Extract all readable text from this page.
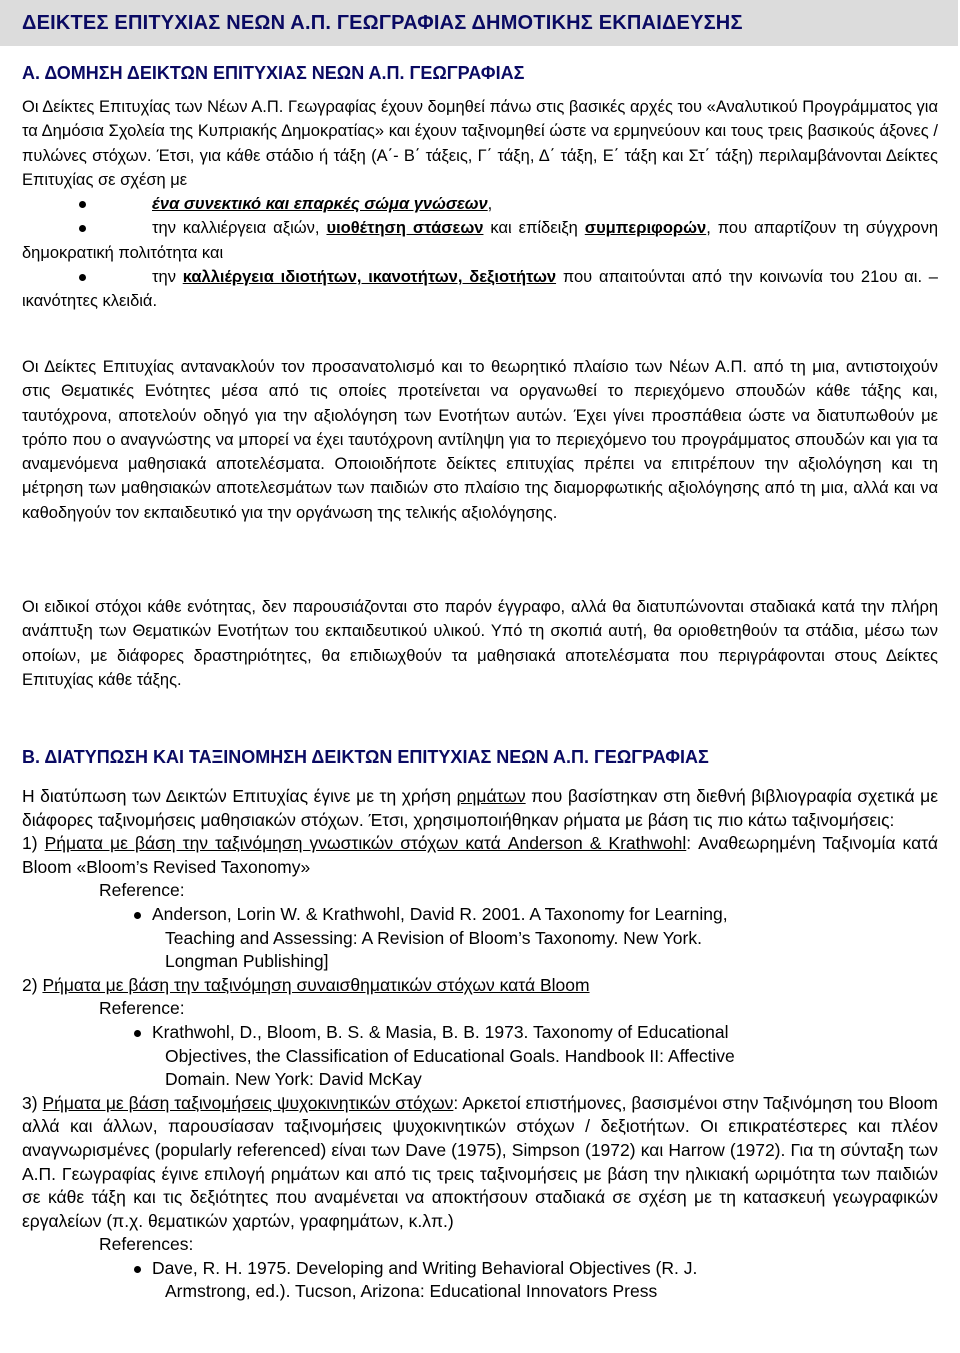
ΔΕΙΚΤΕΣ ΕΠΙΤΥΧΙΑΣ ΝΕΩΝ Α.Π. ΓΕΩΓΡΑΦΙΑΣ ΔΗΜΟΤΙΚΗΣ ΕΚΠΑΙΔΕΥΣΗΣ
Α. ΔΟΜΗΣΗ ΔΕΙΚΤΩΝ ΕΠΙΤΥΧΙΑΣ ΝΕΩΝ Α.Π. ΓΕΩΓΡΑΦΙΑΣ

Οι Δείκτες Επιτυχίας των Νέων Α.Π. Γεωγραφίας έχουν δομηθεί πάνω στις βασικές αρχές του «Αναλυτικού Προγράμματος για τα Δημόσια Σχολεία της Κυπριακής Δημοκρατίας» και έχουν ταξινομηθεί ώστε να ερμηνεύουν και τους τρεις βασικούς άξονες / πυλώνες στόχων. Έτσι, για κάθε στάδιο ή τάξη (Α΄- Β΄ τάξεις, Γ΄ τάξη, Δ΄ τάξη, Ε΄ τάξη και Στ΄ τάξη) περιλαμβάνονται Δείκτες Επιτυχίας σε σχέση με

ένα συνεκτικό και επαρκές σώμα γνώσεων,
την καλλιέργεια αξιών, υιοθέτηση στάσεων και επίδειξη συμπεριφορών, που απαρτίζουν τη σύγχρονη δημοκρατική πολιτότητα και
την καλλιέργεια ιδιοτήτων, ικανοτήτων, δεξιοτήτων που απαιτούνται από την κοινωνία του 21ου αι. – ικανότητες κλειδιά.

Οι Δείκτες Επιτυχίας αντανακλούν τον προσανατολισμό και το θεωρητικό πλαίσιο των Νέων Α.Π. από τη μια, αντιστοιχούν στις Θεματικές Ενότητες μέσα από τις οποίες προτείνεται να οργανωθεί το περιεχόμενο σπουδών κάθε τάξης και, ταυτόχρονα, αποτελούν οδηγό για την αξιολόγηση των Ενοτήτων αυτών. Έχει γίνει προσπάθεια ώστε να διατυπωθούν με τρόπο που ο αναγνώστης να μπορεί να έχει ταυτόχρονη αντίληψη για το περιεχόμενο του προγράμματος σπουδών και για τα αναμενόμενα μαθησιακά αποτελέσματα. Οποιοιδήποτε δείκτες επιτυχίας πρέπει να επιτρέπουν την αξιολόγηση και τη μέτρηση των μαθησιακών αποτελεσμάτων των παιδιών στο πλαίσιο της διαμορφωτικής αξιολόγησης από τη μια, αλλά και να καθοδηγούν τον εκπαιδευτικό για την οργάνωση της τελικής αξιολόγησης.

Οι ειδικοί στόχοι κάθε ενότητας, δεν παρουσιάζονται στο παρόν έγγραφο, αλλά θα διατυπώνονται σταδιακά κατά την πλήρη ανάπτυξη των Θεματικών Ενοτήτων του εκπαιδευτικού υλικού. Υπό τη σκοπιά αυτή, θα οριοθετηθούν τα στάδια, μέσω των οποίων, με διάφορες δραστηριότητες, θα επιδιωχθούν τα μαθησιακά αποτελέσματα που περιγράφονται στους Δείκτες Επιτυχίας κάθε τάξης.

Β. ΔΙΑΤΥΠΩΣΗ ΚΑΙ ΤΑΞΙΝΟΜΗΣΗ ΔΕΙΚΤΩΝ ΕΠΙΤΥΧΙΑΣ ΝΕΩΝ Α.Π. ΓΕΩΓΡΑΦΙΑΣ

Η διατύπωση των Δεικτών Επιτυχίας έγινε με τη χρήση ρημάτων που βασίστηκαν στη διεθνή βιβλιογραφία σχετικά με διάφορες ταξινομήσεις μαθησιακών στόχων. Έτσι, χρησιμοποιήθηκαν ρήματα με βάση τις πιο κάτω ταξινομήσεις:

1) Ρήματα με βάση την ταξινόμηση γνωστικών στόχων κατά Anderson & Krathwohl: Αναθεωρημένη Ταξινομία κατά Bloom «Bloom’s Revised Taxonomy»

Reference:

Anderson, Lorin W. & Krathwohl, David R. 2001. A Taxonomy for Learning,
Teaching and Assessing: A Revision of Bloom’s Taxonomy. New York.
Longman Publishing]

2) Ρήματα με βάση την ταξινόμηση συναισθηματικών στόχων κατά Bloom

Reference:

Krathwohl, D., Bloom, B. S. & Masia, B. B. 1973. Taxonomy of Educational
Objectives, the Classification of Educational Goals. Handbook II: Affective
Domain. New York: David McKay

3) Ρήματα με βάση ταξινομήσεις ψυχοκινητικών στόχων: Αρκετοί επιστήμονες, βασισμένοι στην Ταξινόμηση του Bloom αλλά και άλλων, παρουσίασαν ταξινομήσεις ψυχοκινητικών στόχων / δεξιοτήτων. Οι επικρατέστερες και πλέον αναγνωρισμένες (popularly referenced) είναι των Dave (1975), Simpson (1972) και Harrow (1972). Για τη σύνταξη των Α.Π. Γεωγραφίας έγινε επιλογή ρημάτων και από τις τρεις ταξινομήσεις με βάση την ηλικιακή ωριμότητα των παιδιών σε κάθε τάξη και τις δεξιότητες που αναμένεται να αποκτήσουν σταδιακά σε σχέση με τη κατασκευή γεωγραφικών εργαλείων (π.χ. θεματικών χαρτών, γραφημάτων, κ.λπ.)

References:

Dave, R. H. 1975. Developing and Writing Behavioral Objectives (R. J.
Armstrong, ed.). Tucson, Arizona: Educational Innovators Press
